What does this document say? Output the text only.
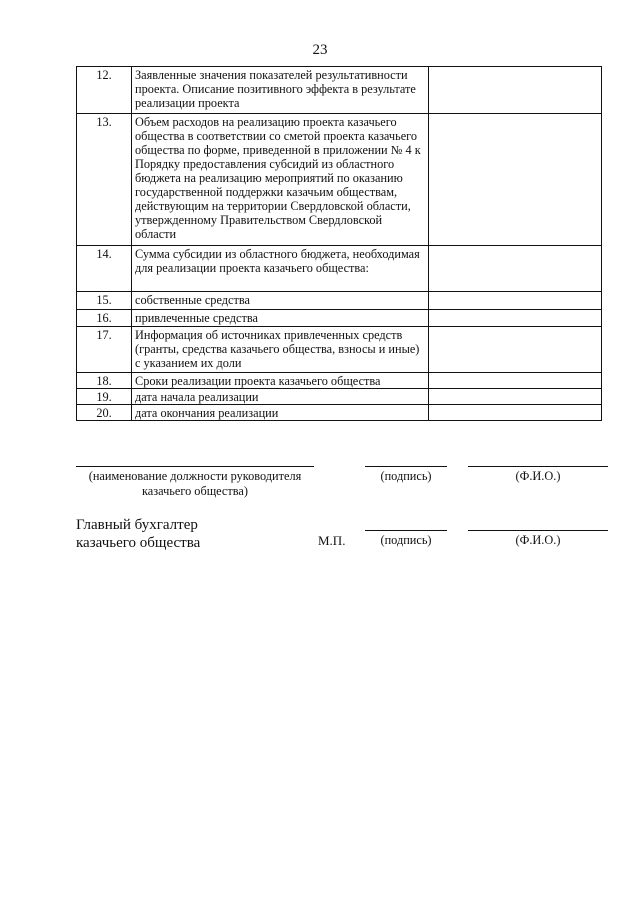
23
12.	Заявленные значения показателей результативности проекта. Описание позитивного эффекта в результате реализации проекта	
13.	Объем расходов на реализацию проекта казачьего общества в соответствии со сметой проекта казачьего общества по форме, приведенной в приложении № 4 к Порядку предоставления субсидий из областного бюджета на реализацию мероприятий по оказанию государственной поддержки казачьим обществам, действующим на территории Свердловской области, утвержденному Правительством Свердловской области	
14.	Сумма субсидии из областного бюджета, необходимая для реализации проекта казачьего общества:	
15.	собственные средства	
16.	привлеченные средства	
17.	Информация об источниках привлеченных средств (гранты, средства казачьего общества, взносы и иные) с указанием их доли	
18.	Сроки реализации проекта казачьего общества	
19.	дата начала реализации	
20.	дата окончания реализации	
(наименование должности руководителя
казачьего общества)
(подпись)	(Ф.И.О.)
Главный бухгалтер
казачьего общества	М.П.	(подпись)	(Ф.И.О.)
